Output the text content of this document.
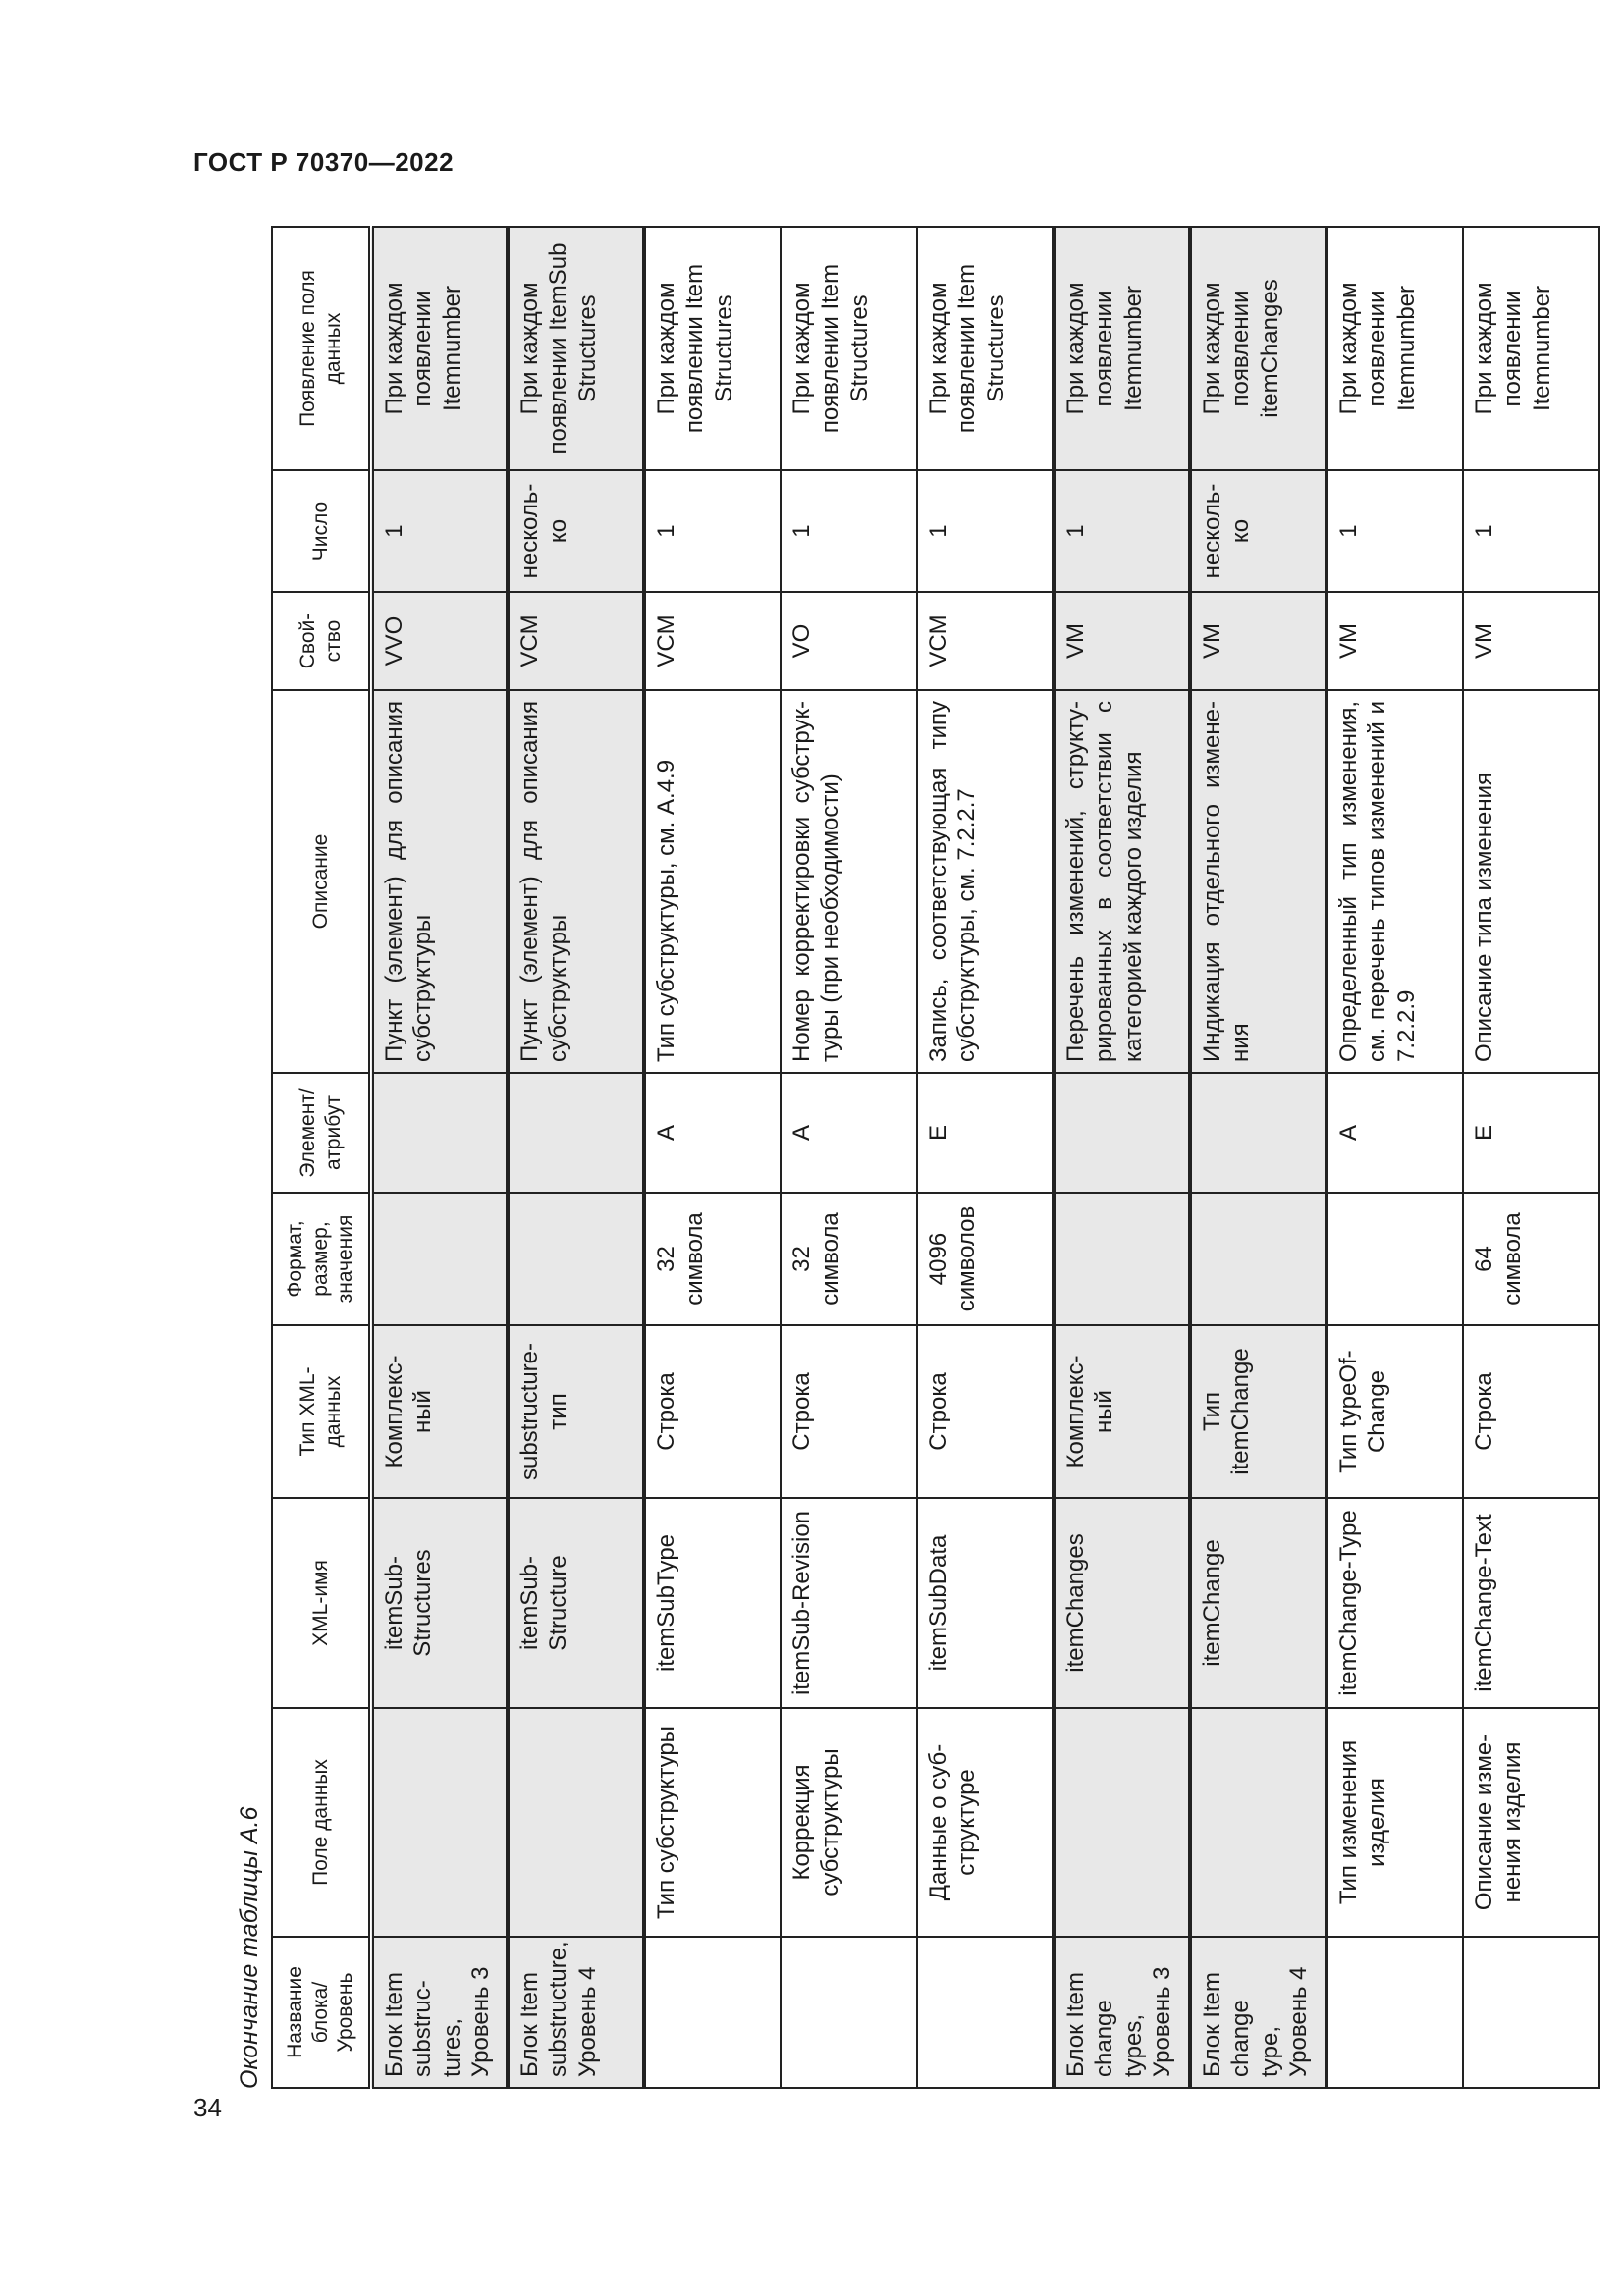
ГОСТ Р 70370—2022
Окончание таблицы А.6	Название блока/ Уровень	Поле данных	XML-имя	Тип XML-данных	Формат, размер, значения	Элемент/ атрибут	Описание	Свой-ство	Число	Появление поля данных
Блок Item substruc-tures, Уровень 3		itemSub-Structures	Комплекс-ный			Пункт (элемент) для описания субструктуры	VVO	1	При каждом появлении Itemnumber
Блок Item substructure, Уровень 4		itemSub-Structure	substructure-тип			Пункт (элемент) для описания субструктуры	VCM	несколь-ко	При каждом появлении ItemSub Structures
	Тип субструктуры	itemSubType	Строка	32 символа	A	Тип субструктуры, см. А.4.9	VCM	1	При каждом появлении Item Structures
	Коррекция субструктуры	itemSub-Revision	Строка	32 символа	A	Номер корректировки субструк-туры (при необходимости)	VO	1	При каждом появлении Item Structures
	Данные о суб-структуре	itemSubData	Строка	4096 символов	E	Запись, соответствующая типу субструктуры, см. 7.2.2.7	VCM	1	При каждом появлении Item Structures
Блок Item change types, Уровень 3		itemChanges	Комплекс-ный			Перечень изменений, структу-рированных в соответствии с категорией каждого изделия	VM	1	При каждом появлении Itemnumber
Блок Item change type, Уровень 4		itemChange	Тип itemChange			Индикация отдельного измене-ния	VM	несколь-ко	При каждом появлении itemChanges
	Тип изменения изделия	itemChange-Type	Тип typeOf-Change		A	Определенный тип изменения, см. перечень типов изменений и 7.2.2.9	VM	1	При каждом появлении Itemnumber
	Описание изме-нения изделия	itemChange-Text	Строка	64 символа	E	Описание типа изменения	VM	1	При каждом появлении Itemnumber
34
